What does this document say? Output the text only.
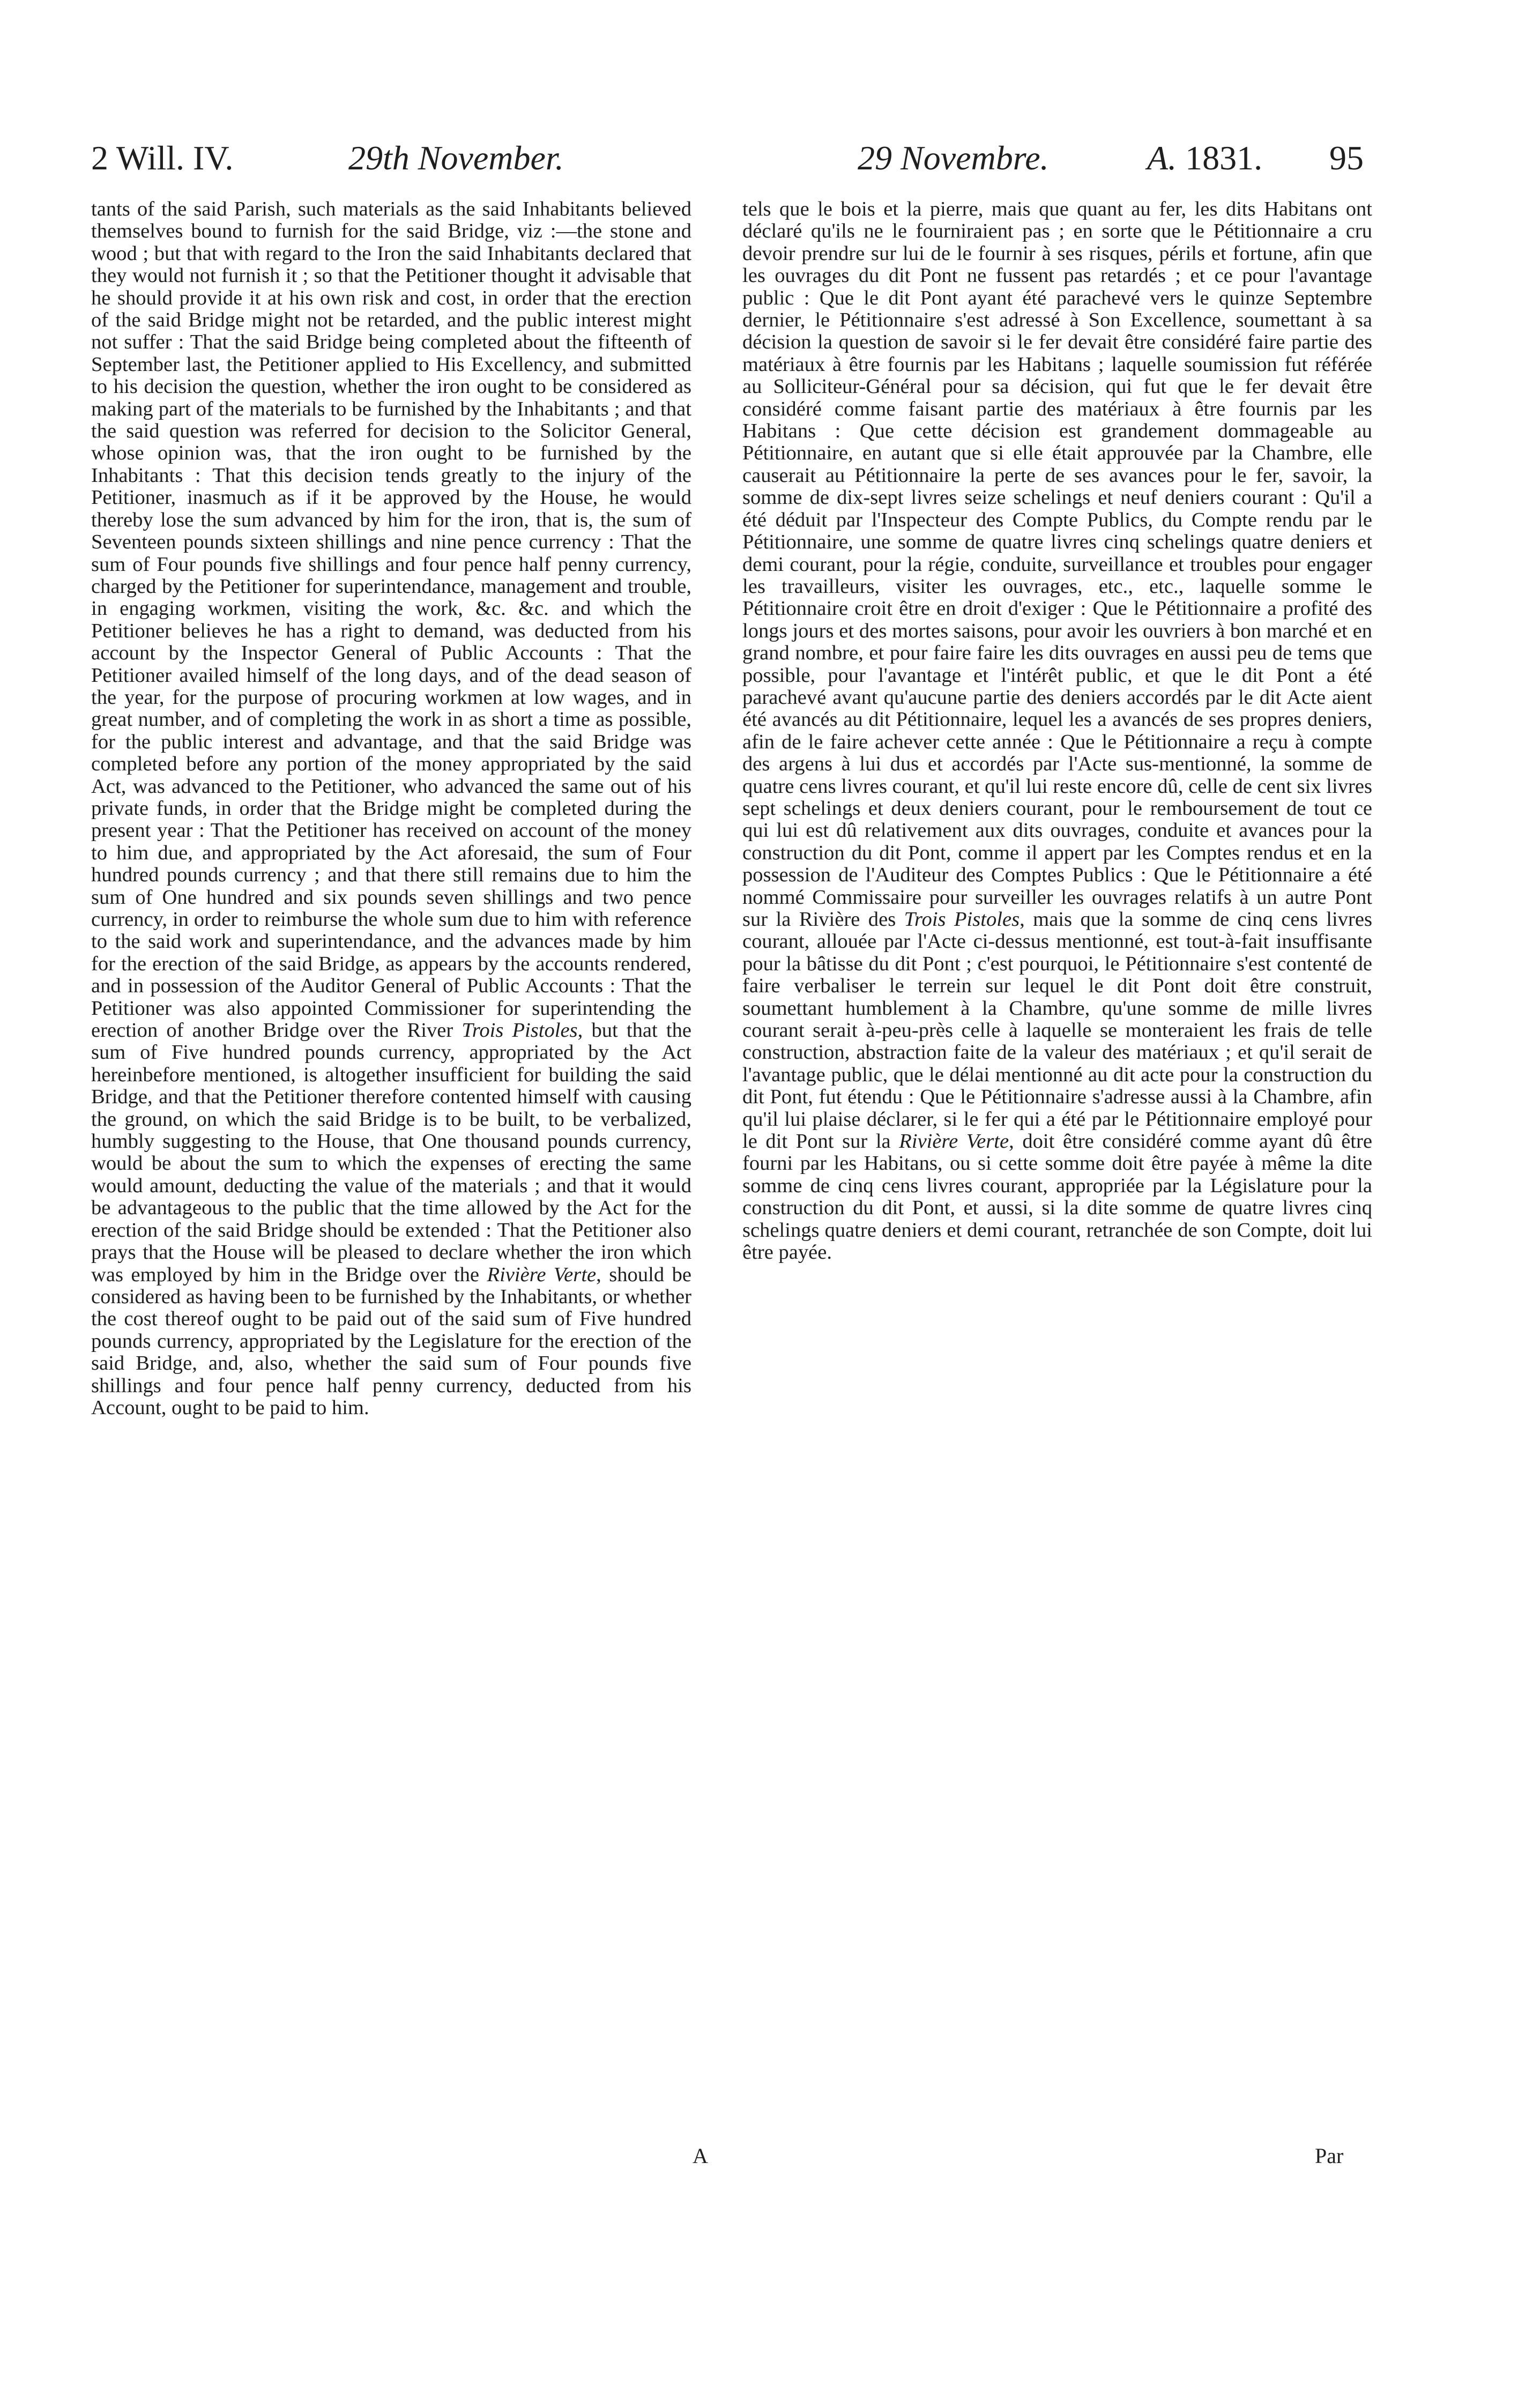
2 Will. IV.	29th November.	29 Novembre.	A. 1831. 95

tants of the said Parish, such materials as the said Inhabitants believed themselves bound to furnish for the said Bridge, viz :—the stone and wood ; but that with regard to the Iron the said Inhabitants declared that they would not furnish it ; so that the Petitioner thought it advisable that he should provide it at his own risk and cost, in order that the erection of the said Bridge might not be retarded, and the public interest might not suffer : That the said Bridge being completed about the fifteenth of September last, the Petitioner applied to His Excellency, and submitted to his decision the question, whether the iron ought to be considered as making part of the materials to be furnished by the Inhabitants ; and that the said question was referred for decision to the Solicitor General, whose opinion was, that the iron ought to be furnished by the Inhabitants : That this decision tends greatly to the injury of the Petitioner, inasmuch as if it be approved by the House, he would thereby lose the sum advanced by him for the iron, that is, the sum of Seventeen pounds sixteen shillings and nine pence currency : That the sum of Four pounds five shillings and four pence half penny currency, charged by the Petitioner for superintendance, management and trouble, in engaging workmen, visiting the work, &c. &c. and which the Petitioner believes he has a right to demand, was deducted from his account by the Inspector General of Public Accounts : That the Petitioner availed himself of the long days, and of the dead season of the year, for the purpose of procuring workmen at low wages, and in great number, and of completing the work in as short a time as possible, for the public interest and advantage, and that the said Bridge was completed before any portion of the money appropriated by the said Act, was advanced to the Petitioner, who advanced the same out of his private funds, in order that the Bridge might be completed during the present year : That the Petitioner has received on account of the money to him due, and appropriated by the Act aforesaid, the sum of Four hundred pounds currency ; and that there still remains due to him the sum of One hundred and six pounds seven shillings and two pence currency, in order to reimburse the whole sum due to him with reference to the said work and superintendance, and the advances made by him for the erection of the said Bridge, as appears by the accounts rendered, and in possession of the Auditor General of Public Accounts : That the Petitioner was also appointed Commissioner for superintending the erection of another Bridge over the River Trois Pistoles, but that the sum of Five hundred pounds currency, appropriated by the Act hereinbefore mentioned, is altogether insufficient for building the said Bridge, and that the Petitioner therefore contented himself with causing the ground, on which the said Bridge is to be built, to be verbalized, humbly suggesting to the House, that One thousand pounds currency, would be about the sum to which the expenses of erecting the same would amount, deducting the value of the materials ; and that it would be advantageous to the public that the time allowed by the Act for the erection of the said Bridge should be extended : That the Petitioner also prays that the House will be pleased to declare whether the iron which was employed by him in the Bridge over the Rivière Verte, should be considered as having been to be furnished by the Inhabitants, or whether the cost thereof ought to be paid out of the said sum of Five hundred pounds currency, appropriated by the Legislature for the erection of the said Bridge, and, also, whether the said sum of Four pounds five shillings and four pence half penny currency, deducted from his Account, ought to be paid to him.

tels que le bois et la pierre, mais que quant au fer, les dits Habitans ont déclaré qu'ils ne le fourniraient pas ; en sorte que le Pétitionnaire a cru devoir prendre sur lui de le fournir à ses risques, périls et fortune, afin que les ouvrages du dit Pont ne fussent pas retardés ; et ce pour l'avantage public : Que le dit Pont ayant été parachevé vers le quinze Septembre dernier, le Pétitionnaire s'est adressé à Son Excellence, soumettant à sa décision la question de savoir si le fer devait être considéré faire partie des matériaux à être fournis par les Habitans ; laquelle soumission fut référée au Solliciteur-Général pour sa décision, qui fut que le fer devait être considéré comme faisant partie des matériaux à être fournis par les Habitans : Que cette décision est grandement dommageable au Pétitionnaire, en autant que si elle était approuvée par la Chambre, elle causerait au Pétitionnaire la perte de ses avances pour le fer, savoir, la somme de dix-sept livres seize schelings et neuf deniers courant : Qu'il a été déduit par l'Inspecteur des Compte Publics, du Compte rendu par le Pétitionnaire, une somme de quatre livres cinq schelings quatre deniers et demi courant, pour la régie, conduite, surveillance et troubles pour engager les travailleurs, visiter les ouvrages, etc., etc., laquelle somme le Pétitionnaire croit être en droit d'exiger : Que le Pétitionnaire a profité des longs jours et des mortes saisons, pour avoir les ouvriers à bon marché et en grand nombre, et pour faire faire les dits ouvrages en aussi peu de tems que possible, pour l'avantage et l'intérêt public, et que le dit Pont a été parachevé avant qu'aucune partie des deniers accordés par le dit Acte aient été avancés au dit Pétitionnaire, lequel les a avancés de ses propres deniers, afin de le faire achever cette année : Que le Pétitionnaire a reçu à compte des argens à lui dus et accordés par l'Acte sus-mentionné, la somme de quatre cens livres courant, et qu'il lui reste encore dû, celle de cent six livres sept schelings et deux deniers courant, pour le remboursement de tout ce qui lui est dû relativement aux dits ouvrages, conduite et avances pour la construction du dit Pont, comme il appert par les Comptes rendus et en la possession de l'Auditeur des Comptes Publics : Que le Pétitionnaire a été nommé Commissaire pour surveiller les ouvrages relatifs à un autre Pont sur la Rivière des Trois Pistoles, mais que la somme de cinq cens livres courant, allouée par l'Acte ci-dessus mentionné, est tout-à-fait insuffisante pour la bâtisse du dit Pont ; c'est pourquoi, le Pétitionnaire s'est contenté de faire verbaliser le terrein sur lequel le dit Pont doit être construit, soumettant humblement à la Chambre, qu'une somme de mille livres courant serait à-peu-près celle à laquelle se monteraient les frais de telle construction, abstraction faite de la valeur des matériaux ; et qu'il serait de l'avantage public, que le délai mentionné au dit acte pour la construction du dit Pont, fut étendu : Que le Pétitionnaire s'adresse aussi à la Chambre, afin qu'il lui plaise déclarer, si le fer qui a été par le Pétitionnaire employé pour le dit Pont sur la Rivière Verte, doit être considéré comme ayant dû être fourni par les Habitans, ou si cette somme doit être payée à même la dite somme de cinq cens livres courant, appropriée par la Législature pour la construction du dit Pont, et aussi, si la dite somme de quatre livres cinq schelings quatre deniers et demi courant, retranchée de son Compte, doit lui être payée.

A	Par
